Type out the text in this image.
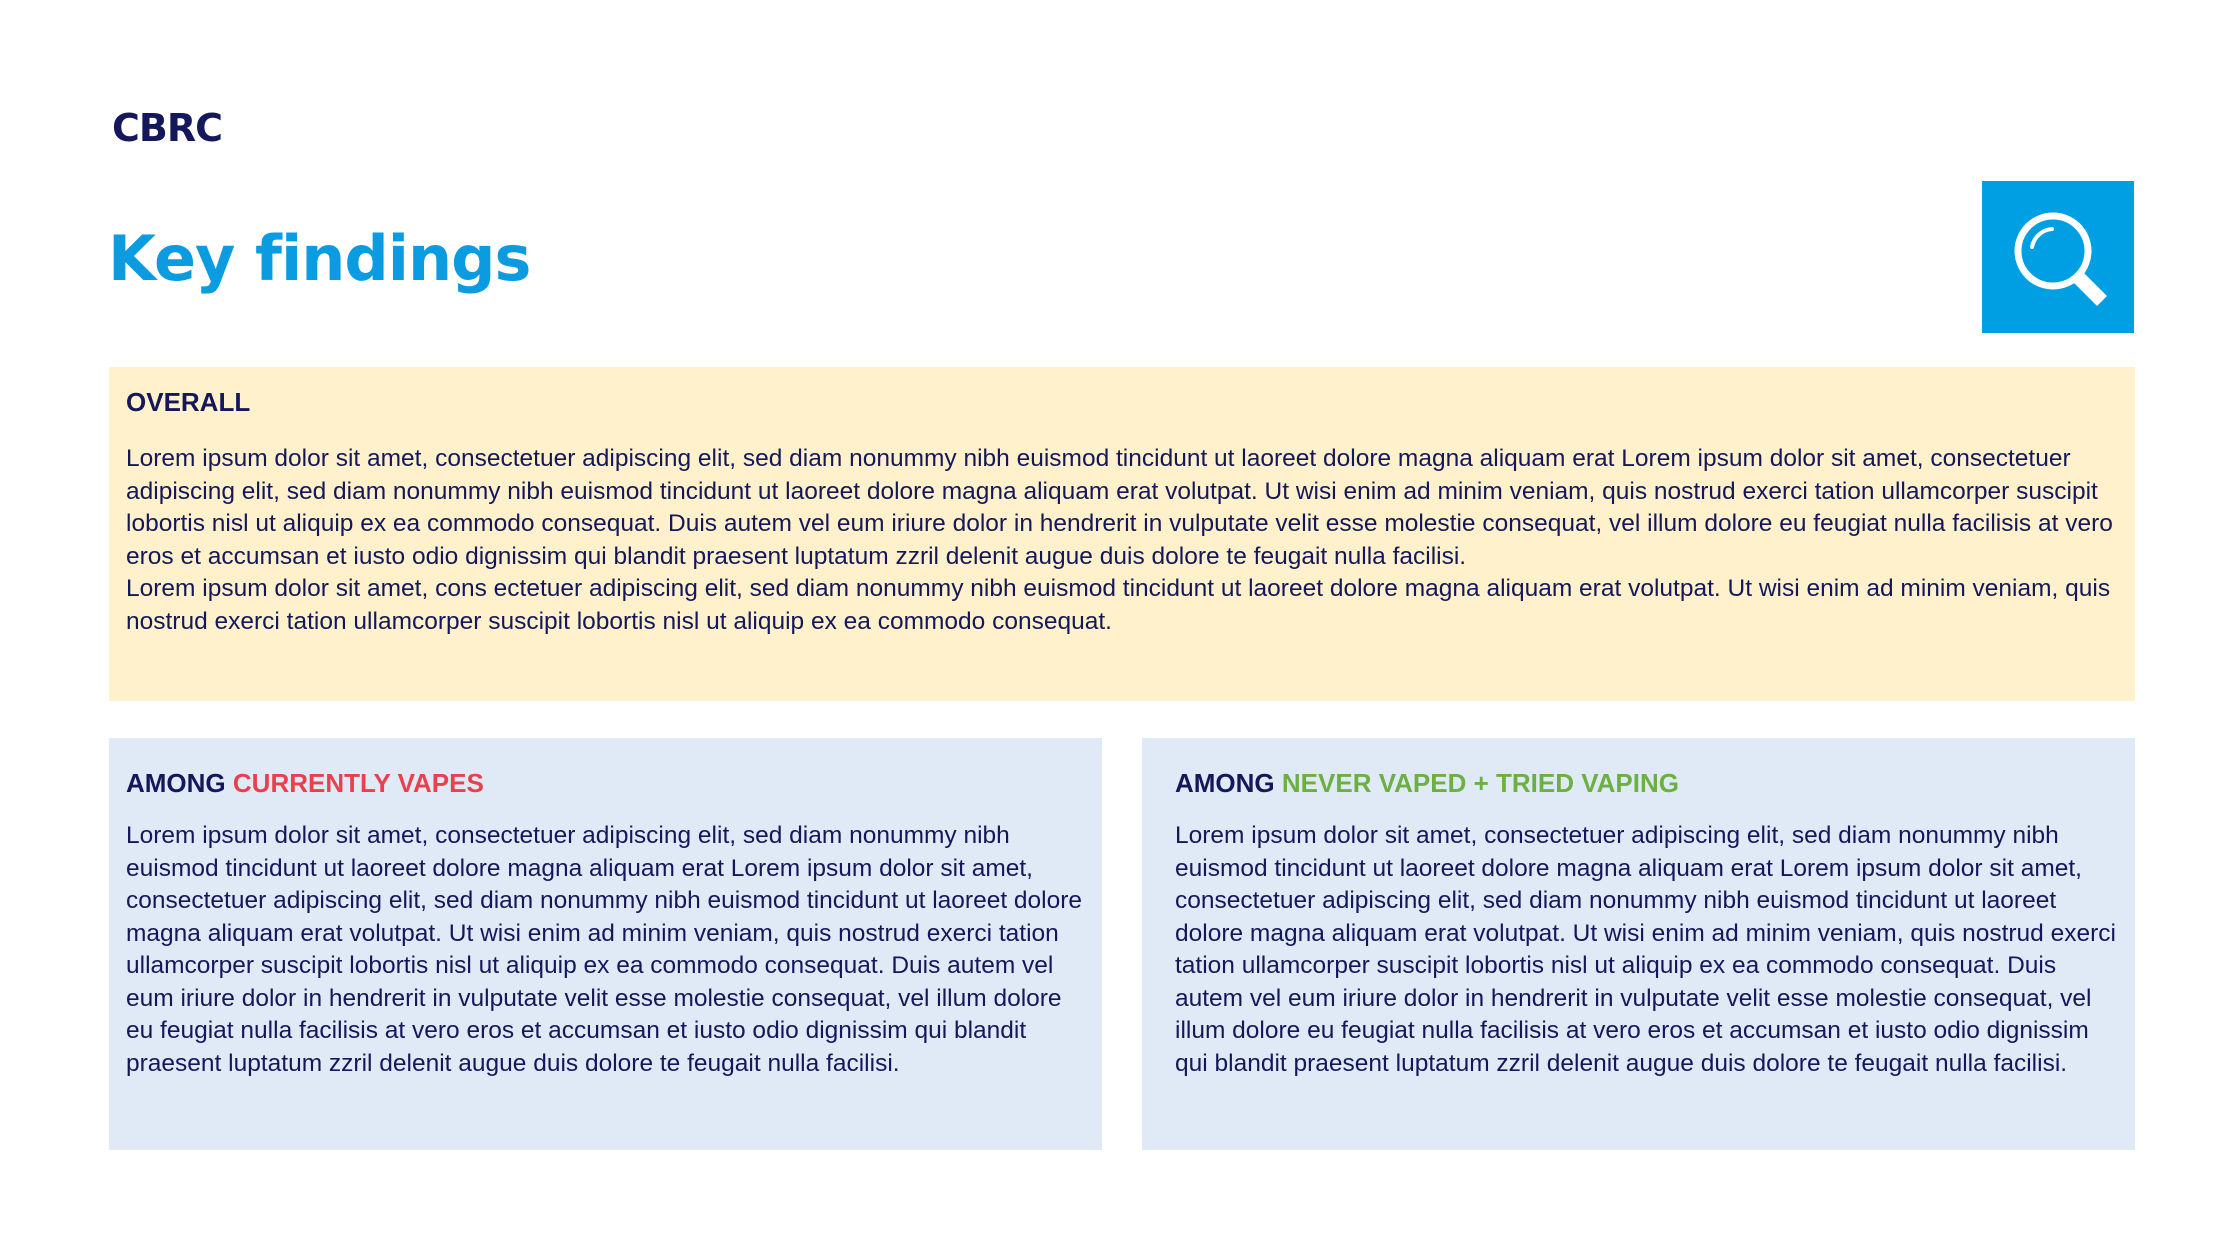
CBRC
Key findings
OVERALL

Lorem ipsum dolor sit amet, consectetuer adipiscing elit, sed diam nonummy nibh euismod tincidunt ut laoreet dolore magna aliquam erat Lorem ipsum dolor sit amet, consectetuer adipiscing elit, sed diam nonummy nibh euismod tincidunt ut laoreet dolore magna aliquam erat volutpat. Ut wisi enim ad minim veniam, quis nostrud exerci tation ullamcorper suscipit lobortis nisl ut aliquip ex ea commodo consequat. Duis autem vel eum iriure dolor in hendrerit in vulputate velit esse molestie consequat, vel illum dolore eu feugiat nulla facilisis at vero eros et accumsan et iusto odio dignissim qui blandit praesent luptatum zzril delenit augue duis dolore te feugait nulla facilisi.
Lorem ipsum dolor sit amet, cons ectetuer adipiscing elit, sed diam nonummy nibh euismod tincidunt ut laoreet dolore magna aliquam erat volutpat. Ut wisi enim ad minim veniam, quis nostrud exerci tation ullamcorper suscipit lobortis nisl ut aliquip ex ea commodo consequat.

AMONG CURRENTLY VAPES

Lorem ipsum dolor sit amet, consectetuer adipiscing elit, sed diam nonummy nibh euismod tincidunt ut laoreet dolore magna aliquam erat Lorem ipsum dolor sit amet, consectetuer adipiscing elit, sed diam nonummy nibh euismod tincidunt ut laoreet dolore magna aliquam erat volutpat. Ut wisi enim ad minim veniam, quis nostrud exerci tation ullamcorper suscipit lobortis nisl ut aliquip ex ea commodo consequat. Duis autem vel eum iriure dolor in hendrerit in vulputate velit esse molestie consequat, vel illum dolore eu feugiat nulla facilisis at vero eros et accumsan et iusto odio dignissim qui blandit praesent luptatum zzril delenit augue duis dolore te feugait nulla facilisi.

AMONG NEVER VAPED + TRIED VAPING

Lorem ipsum dolor sit amet, consectetuer adipiscing elit, sed diam nonummy nibh euismod tincidunt ut laoreet dolore magna aliquam erat Lorem ipsum dolor sit amet, consectetuer adipiscing elit, sed diam nonummy nibh euismod tincidunt ut laoreet dolore magna aliquam erat volutpat. Ut wisi enim ad minim veniam, quis nostrud exerci tation ullamcorper suscipit lobortis nisl ut aliquip ex ea commodo consequat. Duis autem vel eum iriure dolor in hendrerit in vulputate velit esse molestie consequat, vel illum dolore eu feugiat nulla facilisis at vero eros et accumsan et iusto odio dignissim qui blandit praesent luptatum zzril delenit augue duis dolore te feugait nulla facilisi.
